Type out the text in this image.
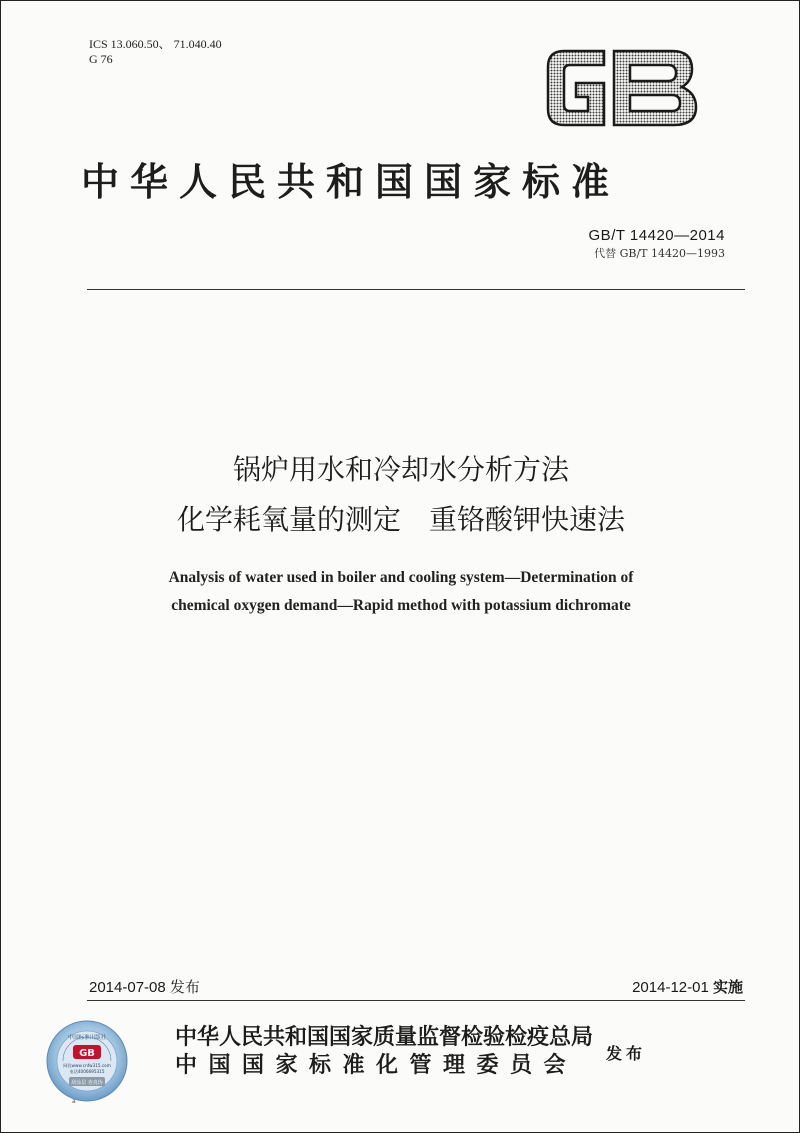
ICS 13.060.50、 71.040.40
G 76
中华人民共和国国家标准
GB/T 14420—2014
代替 GB/T 14420—1993
锅炉用水和冷却水分析方法
化学耗氧量的测定　重铬酸钾快速法
Analysis of water used in boiler and cooling system—Determination of
chemical oxygen demand—Rapid method with potassium dichromate
2014-07-08 发布	2014-12-01 实施
GB
中国标准出版社
网验www.cnfw315.com
电话4006695315
刮涂层 查真伪
中华人民共和国国家质量监督检验检疫总局
中国国家标准化管理委员会	发布
a
